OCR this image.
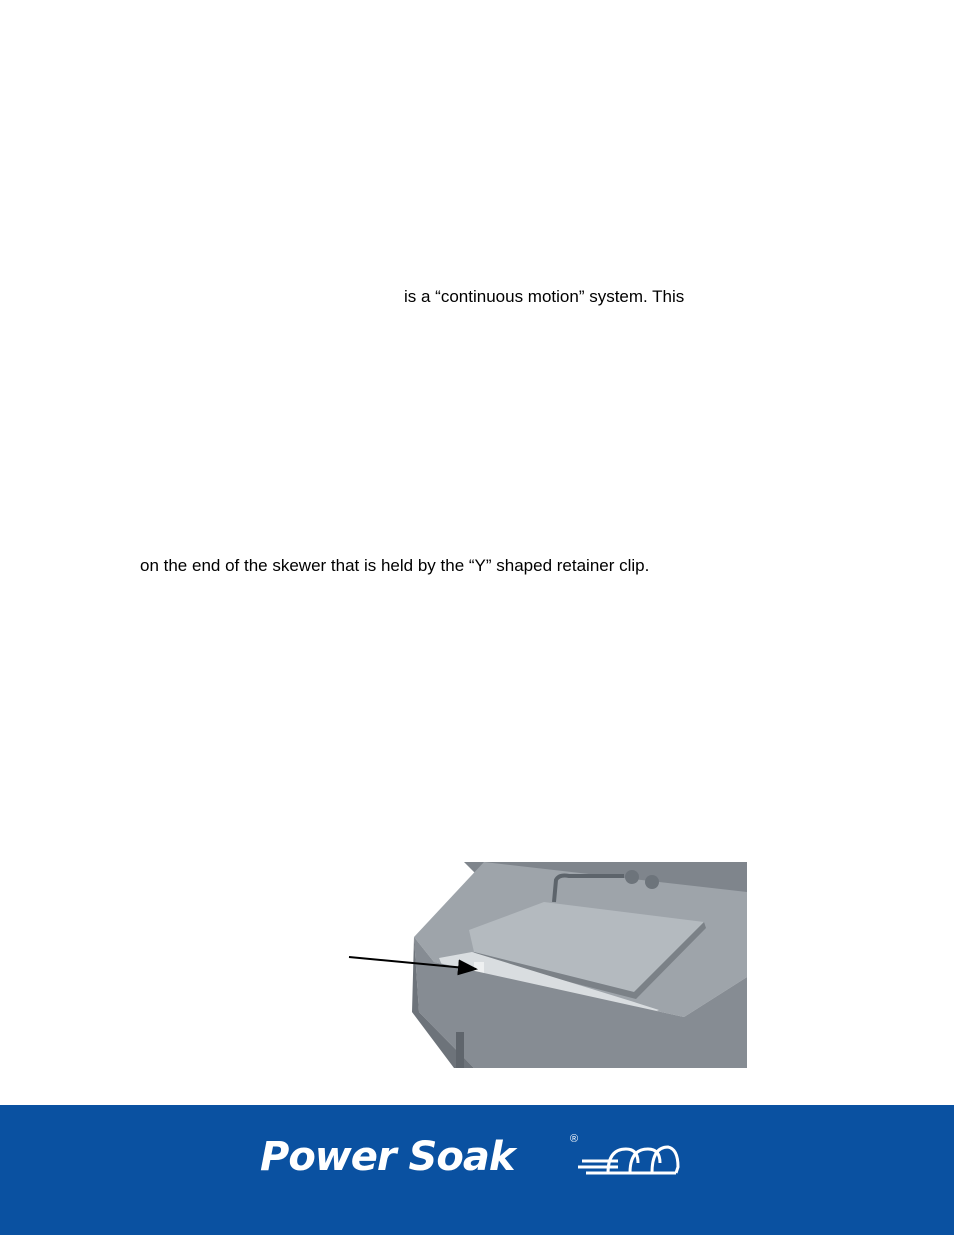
is a “continuous motion” system. This
on the end of the skewer that is held by the “Y” shaped retainer clip.
Power Soak	®
